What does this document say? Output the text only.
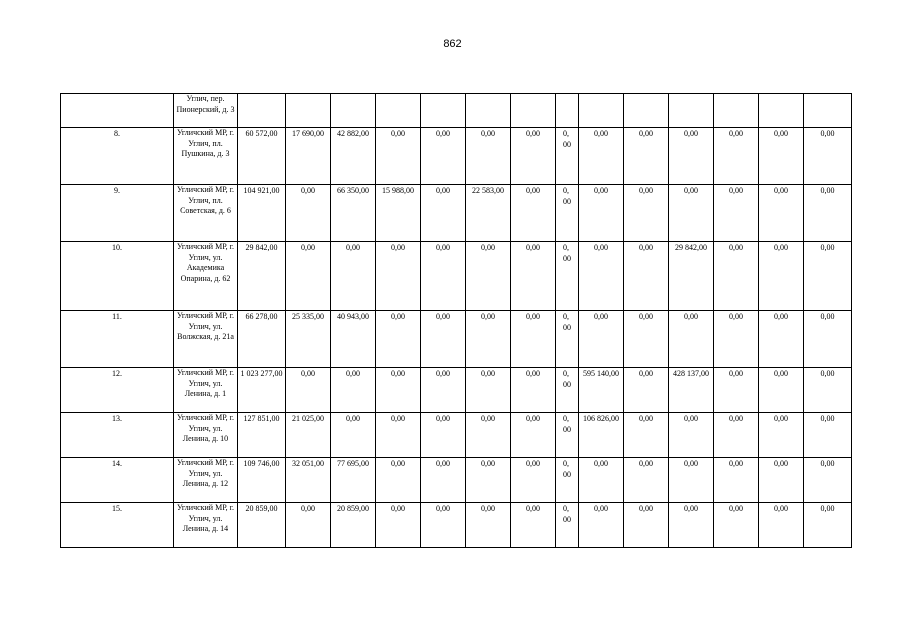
862
	Углич, пер. Пионерский, д. 3														
8.	Угличский МР, г. Углич, пл. Пушкина, д. 3	60 572,00	17 690,00	42 882,00	0,00	0,00	0,00	0,00	0, 00	0,00	0,00	0,00	0,00	0,00	0,00
9.	Угличский МР, г. Углич, пл. Советская, д. 6	104 921,00	0,00	66 350,00	15 988,00	0,00	22 583,00	0,00	0, 00	0,00	0,00	0,00	0,00	0,00	0,00
10.	Угличский МР, г. Углич, ул. Академика Опарина, д. 62	29 842,00	0,00	0,00	0,00	0,00	0,00	0,00	0, 00	0,00	0,00	29 842,00	0,00	0,00	0,00
11.	Угличский МР, г. Углич, ул. Волжская, д. 21а	66 278,00	25 335,00	40 943,00	0,00	0,00	0,00	0,00	0, 00	0,00	0,00	0,00	0,00	0,00	0,00
12.	Угличский МР, г. Углич, ул. Ленина, д. 1	1 023 277,00	0,00	0,00	0,00	0,00	0,00	0,00	0, 00	595 140,00	0,00	428 137,00	0,00	0,00	0,00
13.	Угличский МР, г. Углич, ул. Ленина, д. 10	127 851,00	21 025,00	0,00	0,00	0,00	0,00	0,00	0, 00	106 826,00	0,00	0,00	0,00	0,00	0,00
14.	Угличский МР, г. Углич, ул. Ленина, д. 12	109 746,00	32 051,00	77 695,00	0,00	0,00	0,00	0,00	0, 00	0,00	0,00	0,00	0,00	0,00	0,00
15.	Угличский МР, г. Углич, ул. Ленина, д. 14	20 859,00	0,00	20 859,00	0,00	0,00	0,00	0,00	0, 00	0,00	0,00	0,00	0,00	0,00	0,00
